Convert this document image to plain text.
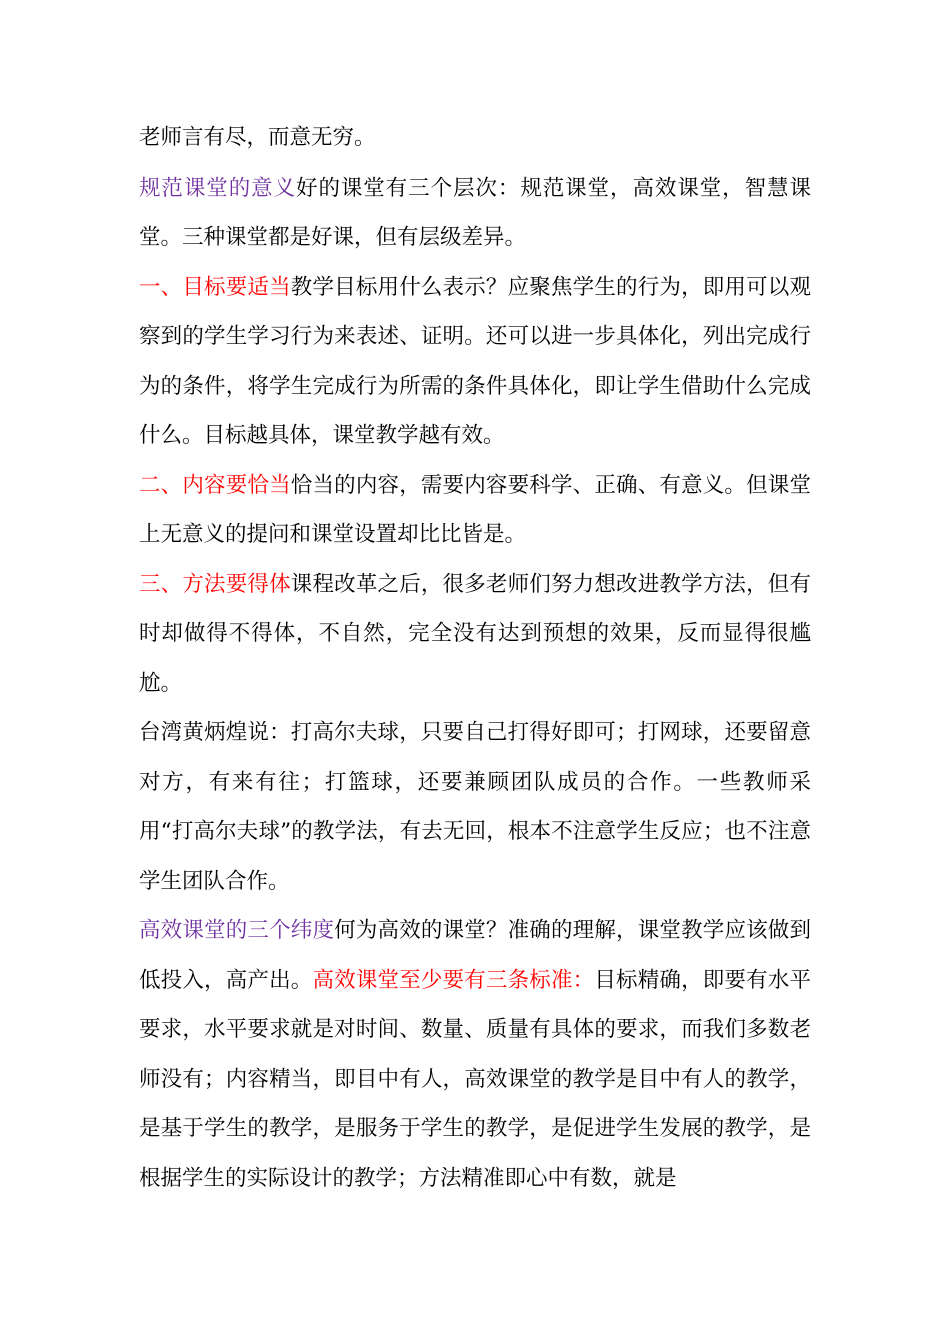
老师言有尽，而意无穷。

规范课堂的意义好的课堂有三个层次：规范课堂，高效课堂，智慧课堂。三种课堂都是好课，但有层级差异。

一、目标要适当教学目标用什么表示？应聚焦学生的行为，即用可以观察到的学生学习行为来表述、证明。还可以进一步具体化，列出完成行为的条件，将学生完成行为所需的条件具体化，即让学生借助什么完成什么。目标越具体，课堂教学越有效。

二、内容要恰当恰当的内容，需要内容要科学、正确、有意义。但课堂上无意义的提问和课堂设置却比比皆是。

三、方法要得体课程改革之后，很多老师们努力想改进教学方法，但有时却做得不得体，不自然，完全没有达到预想的效果，反而显得很尴尬。

台湾黄炳煌说：打高尔夫球，只要自己打得好即可；打网球，还要留意对方，有来有往；打篮球，还要兼顾团队成员的合作。一些教师采用“打高尔夫球”的教学法，有去无回，根本不注意学生反应；也不注意学生团队合作。

高效课堂的三个纬度何为高效的课堂？准确的理解，课堂教学应该做到低投入，高产出。高效课堂至少要有三条标准：目标精确，即要有水平要求，水平要求就是对时间、数量、质量有具体的要求，而我们多数老师没有；内容精当，即目中有人，高效课堂的教学是目中有人的教学，是基于学生的教学，是服务于学生的教学，是促进学生发展的教学，是根据学生的实际设计的教学；方法精准即心中有数，就是
